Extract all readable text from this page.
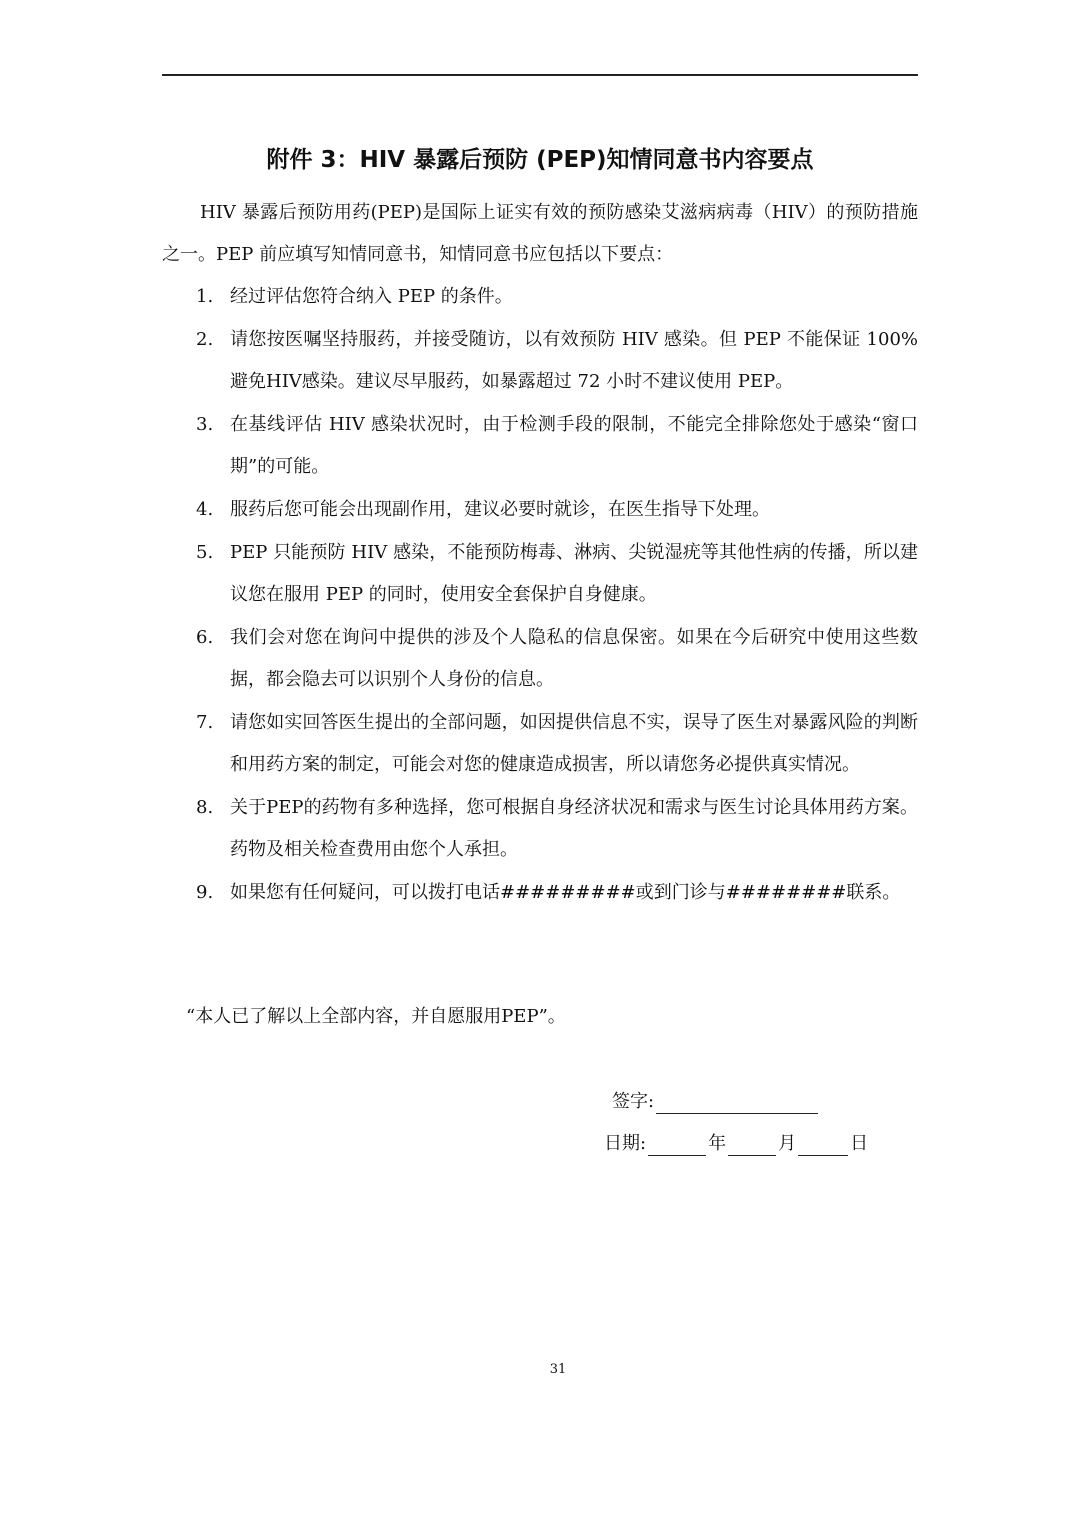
附件 3：HIV 暴露后预防 (PEP)知情同意书内容要点
HIV 暴露后预防用药(PEP)是国际上证实有效的预防感染艾滋病病毒（HIV）的预防措施之一。PEP 前应填写知情同意书，知情同意书应包括以下要点：
1. 经过评估您符合纳入 PEP 的条件。
2. 请您按医嘱坚持服药，并接受随访，以有效预防 HIV 感染。但 PEP 不能保证 100%避免HIV感染。建议尽早服药，如暴露超过 72 小时不建议使用 PEP。
3. 在基线评估 HIV 感染状况时，由于检测手段的限制，不能完全排除您处于感染“窗口期”的可能。
4. 服药后您可能会出现副作用，建议必要时就诊，在医生指导下处理。
5. PEP 只能预防 HIV 感染，不能预防梅毒、淋病、尖锐湿疣等其他性病的传播，所以建议您在服用 PEP 的同时，使用安全套保护自身健康。
6. 我们会对您在询问中提供的涉及个人隐私的信息保密。如果在今后研究中使用这些数据，都会隐去可以识别个人身份的信息。
7. 请您如实回答医生提出的全部问题，如因提供信息不实，误导了医生对暴露风险的判断和用药方案的制定，可能会对您的健康造成损害，所以请您务必提供真实情况。
8. 关于PEP的药物有多种选择，您可根据自身经济状况和需求与医生讨论具体用药方案。药物及相关检查费用由您个人承担。
9. 如果您有任何疑问，可以拨打电话#########或到门诊与########联系。
“本人已了解以上全部内容，并自愿服用PEP”。
签字:
日期:	年	月	日
31
